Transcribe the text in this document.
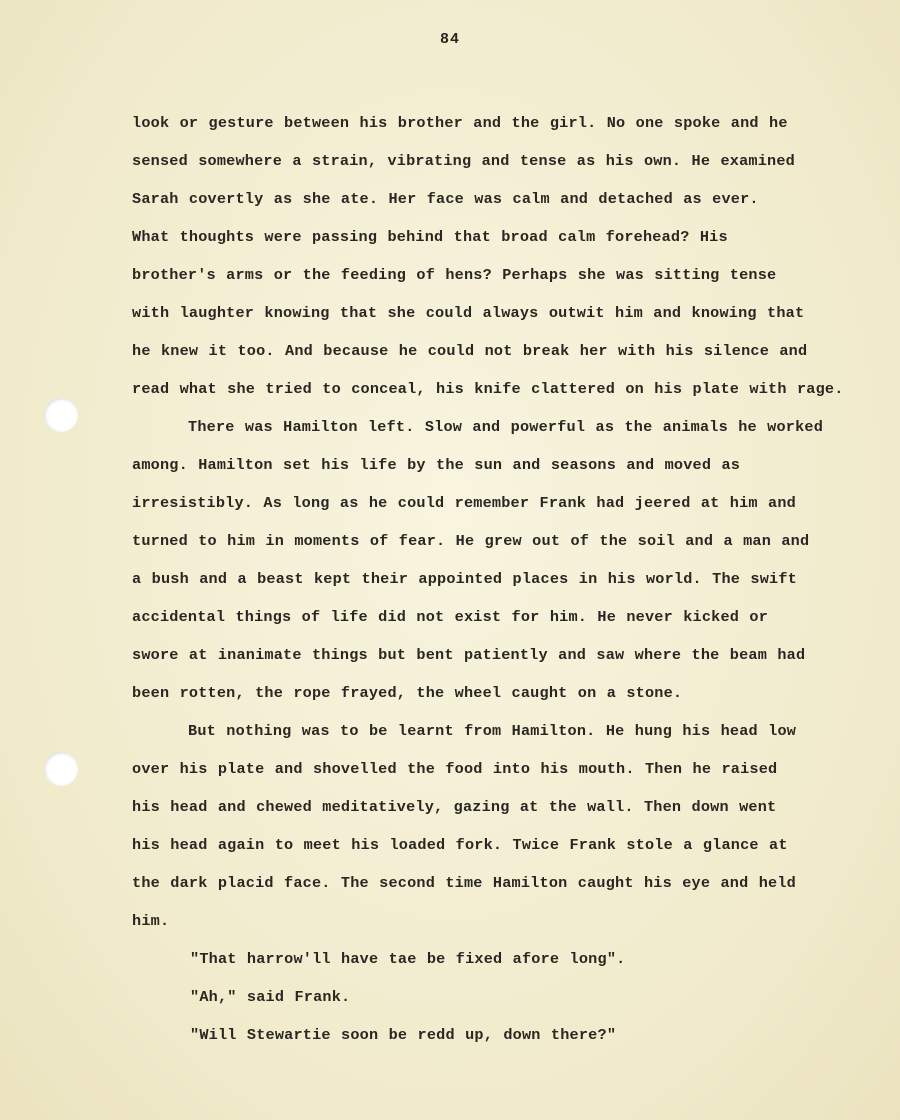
84
look or gesture between his brother and the girl. No one spoke and he
sensed somewhere a strain, vibrating and tense as his own. He examined
Sarah covertly as she ate. Her face was calm and detached as ever.
What thoughts were passing behind that broad calm forehead? His
brother's arms or the feeding of hens? Perhaps she was sitting tense
with laughter knowing that she could always outwit him and knowing that
he knew it too. And because he could not break her with his silence and
read what she tried to conceal, his knife clattered on his plate with rage.
There was Hamilton left. Slow and powerful as the animals he worked
among. Hamilton set his life by the sun and seasons and moved as
irresistibly. As long as he could remember Frank had jeered at him and
turned to him in moments of fear. He grew out of the soil and a man and
a bush and a beast kept their appointed places in his world. The swift
accidental things of life did not exist for him. He never kicked or
swore at inanimate things but bent patiently and saw where the beam had
been rotten, the rope frayed, the wheel caught on a stone.
But nothing was to be learnt from Hamilton. He hung his head low
over his plate and shovelled the food into his mouth. Then he raised
his head and chewed meditatively, gazing at the wall. Then down went
his head again to meet his loaded fork. Twice Frank stole a glance at
the dark placid face. The second time Hamilton caught his eye and held
him.
"That harrow'll have tae be fixed afore long".
"Ah," said Frank.
"Will Stewartie soon be redd up, down there?"
